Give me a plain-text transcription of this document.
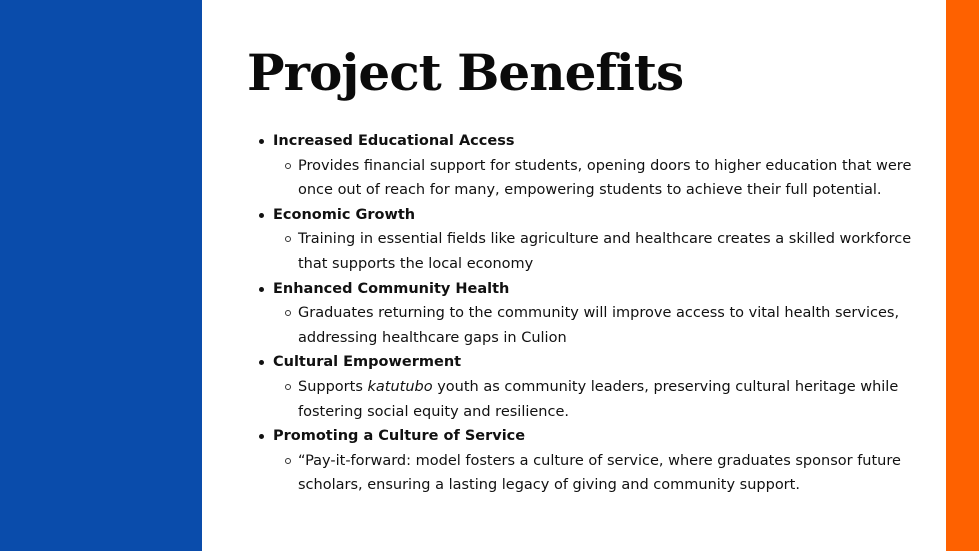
Project Benefits
Increased Educational Access
Provides financial support for students, opening doors to higher education that were once out of reach for many, empowering students to achieve their full potential.
Economic Growth
Training in essential fields like agriculture and healthcare creates a skilled workforce that supports the local economy
Enhanced Community Health
Graduates returning to the community will improve access to vital health services, addressing healthcare gaps in Culion
Cultural Empowerment
Supports katutubo youth as community leaders, preserving cultural heritage while fostering social equity and resilience.
Promoting a Culture of Service
“Pay-it-forward: model fosters a culture of service, where graduates sponsor future scholars, ensuring a lasting legacy of giving and community support.
